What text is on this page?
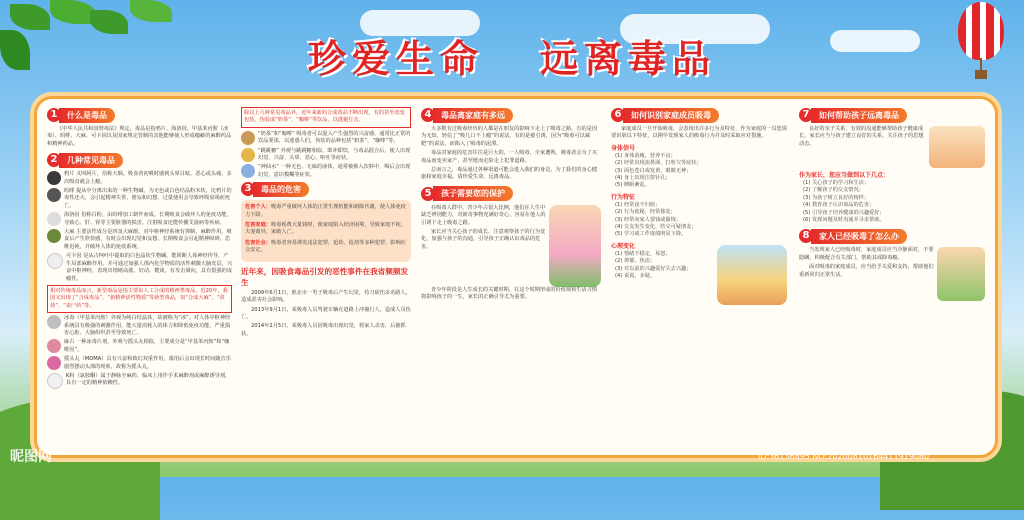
珍爱生命 远离毒品
1	什么是毒品

《中华人民共和国禁毒法》规定，毒品是指鸦片、海洛因、甲基苯丙胺（冰毒）、吗啡、大麻、可卡因以及国家规定管制的其他能够使人形成瘾癖的麻醉药品和精神药品。

2	几种常见毒品

鸦片 又叫阿片，俗称大烟。吸食者初吸时感到头晕目眩、恶心或头痛，多次吸食就会上瘾。

吗啡 提从中分离出来的一种生物碱，为无色或白色结晶粉末状，比鸦片的毒性还大，会引起精神失常、谵妄和幻想，过量使用会导致呼吸衰竭而死亡。

海洛因 俗称白粉，由吗啡加工制作而成。长期吸食会破坏人的免疫功能，导致心、肝、肾等主要脏器的损害。注射吸食还能传播艾滋病等疾病。

大麻 主要活性成分是四氢大麻酚，对中枢神经系统有抑制、麻醉作用，吸食后产生欣快感，有时会出现幻觉和妄想，长期吸食会引起精神障碍、思维迟钝，并破坏人体的免疫系统。

可卡因 是从古柯叶中提取的白色晶状生物碱，能阻断人体神经传导，产生局部麻醉作用，并可通过加强人体内化学物质的活性刺激大脑皮层，兴奋中枢神经，表现出情绪高涨、好动、健谈，有攻击倾向，具有很强的成瘾性。

相对传统毒品而言，新型毒品是指主要由人工合成的精神类毒品，近20年，我国又出现了“合成毒品”、“新精神活性物质”等新型毒品，如“合成大麻”、“浴盐”、“丧尸药”等。

冰毒（甲基苯丙胺）外观为纯白结晶体，故被称为“冰”。对人体中枢神经系统具有极强的刺激作用，能大量消耗人的体力和降低免疫功能，严重损害心脏、大脑组织甚至导致死亡。

麻古 一种冰毒片剂，外观与摇头丸相似，主要成分是“甲基苯丙胺”和“咖啡因”。

摇头丸（MDMA）具有兴奋和致幻双重作用，滥用后会出现长时间随音乐剧烈摆动头部的现象，故称为摇头丸。

K粉（氯胺酮）属于静脉全麻药，临床上用作手术麻醉剂或麻醉诱导剂，具有一定的精神依赖性。

除以上几种常见毒品外，近年来新的合成毒品不断出现，有的甚至改变包装，伪装成“奶茶”、“咖啡”等饮品，以逃避打击。

“奶茶”和“咖啡” 吸毒者可以混入产生强烈的兴奋感，通常比正常的饮品要浓，以迷惑人们，伪装的品种包括“奶茶”，“咖啡”等。

“跳跳糖” 外观与跳跳糖相似，即冲即饮，与毒品混合后，使人出现幻觉、兴奋、头晕、恶心、呕吐等症状。

“神仙水” 一种无色、无味的液体，通常被掺入饮料中，喝后会出现幻觉、意识模糊等症状。

3	毒品的危害

危害个人：吸毒严重破坏人体的正常生理机能和新陈代谢，使人体免疫力下降。

危害家庭：吸毒耗费大量钱财，使家庭陷入经济困境，导致家庭不和，夫妻离异，家破人亡。

危害社会：吸毒者容易诱发违法犯罪，抢劫、抢劫等多种犯罪，影响社会安定。

近年来，因吸食毒品引发的恶性事件在我省频频发生

2009年6月1日，淮北市一男子吸毒后产生幻觉，持刀砍伤多名路人，造成恶劣社会影响。

2013年9月1日，某吸毒人员驾驶车辆在道路上冲撞行人，造成人员伤亡。

2014年2月5日，某吸毒人员因吸毒出现幻觉，将家人杀害，后被抓获。

4	毒品离家庭有多远

大多数有过吸毒经历的人都是在朋友的影响下走上了吸毒之路，有的是因为无知，轻信了“吸几口不上瘾”的说法，有的是被引诱，因为“吸毒可以减肥”的说法，而陷入了吸毒的泥潭。

毒品对家庭的危害往往是巨大的，一人吸毒，全家遭殃，吸毒者会为了买毒品而变卖家产，甚至铤而走险走上犯罪道路。

总而言之，毒品通过各种渠道可能会进入我们的身边，为了我们的身心健康和家庭幸福，请珍爱生命，远离毒品。

5	孩子需要您的保护

在吸毒人群中，青少年占很大比例，他们在人生中缺乏辨别能力，对新奇事物充满好奇心，容易在他人的引诱下走上吸毒之路。

家长应当关心孩子的成长，注意观察孩子的行为变化，加强与孩子的沟通，引导孩子正确认识毒品的危害。

青少年阶段是人生成长的关键时期，在这个时期形成的价值观和生活习惯将影响孩子的一生，家长的正确引导尤为重要。

6	如何识别家庭成员吸毒

家庭成员一旦开始吸毒，会表现出许多行为及特征，作为家庭的一员您需要识别以下特征，以期早发现家人的吸毒行为并及时采取应对措施。

身体信号

(1) 身体消瘦，营养不良；

(2) 经常出现流鼻涕、打哈欠等症状；

(3) 面色苍白或发黄，眼睛无神；

(4) 身上出现注射针孔；

(5) 睡眠紊乱。

行为特征

(1) 经常夜不归宿；

(2) 行为诡秘，经常独处；

(3) 经常向家人要钱或偷钱；

(4) 交友发生变化，结交可疑朋友；

(5) 学习或工作成绩明显下降。

心理变化

(1) 情绪不稳定，易怒；

(2) 抑郁、焦虑；

(3) 对以前的兴趣爱好失去兴趣；

(4) 说谎、多疑。

7	如何帮助孩子远离毒品

良好的亲子关系、有效的沟通能够帮助孩子健康成长，家长应当与孩子建立良好的关系，关注孩子的思想动态。

作为家长，您应当做到以下几点：

(1) 关心孩子的学习和生活；

(2) 了解孩子的交友情况；

(3) 为孩子树立良好的榜样；

(4) 教育孩子认识毒品的危害；

(5) 引导孩子培养健康的兴趣爱好；

(6) 发现问题及时沟通并寻求帮助。

8	家人已经吸毒了怎么办

当发现家人已经吸毒时，家庭成员应当冷静面对，不要隐瞒，积极配合有关部门，帮助其戒除毒瘾。

面对吸毒的家庭成员，应当给予关爱和支持，帮助他们重新回归正常生活。

昵图网	ID:36136895 NO:20200810164411919080
